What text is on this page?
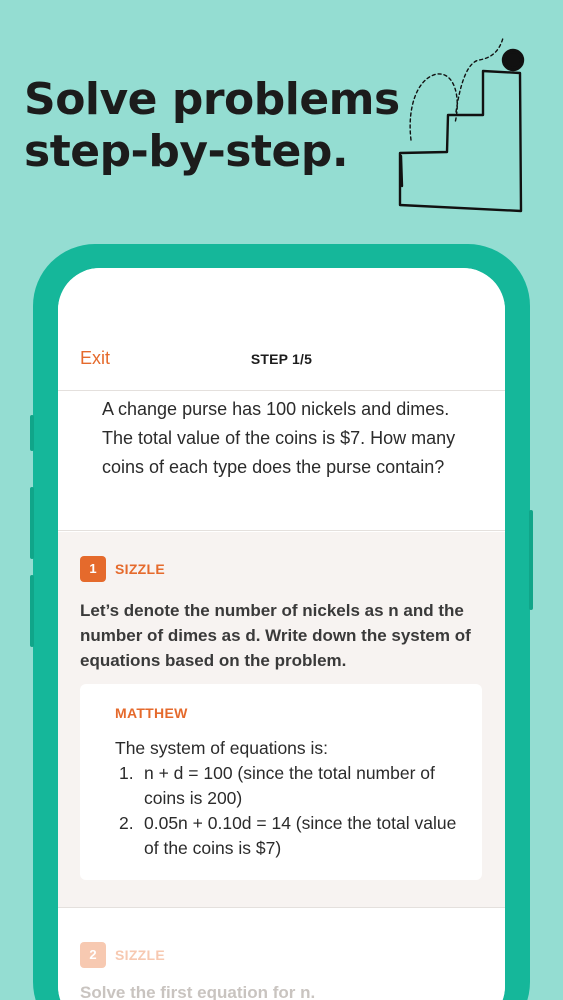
Solve problems
step-by-step.
Exit	STEP 1/5
A change purse has 100 nickels and dimes. The total value of the coins is $7. How many coins of each type does the purse contain?
1	SIZZLE
Let’s denote the number of nickels as n and the number of dimes as d. Write down the system of equations based on the problem.
MATTHEW
The system of equations is:
1. n + d = 100 (since the total number of coins is 200)
2. 0.05n + 0.10d = 14 (since the total value of the coins is $7)
2	SIZZLE
Solve the first equation for n.
